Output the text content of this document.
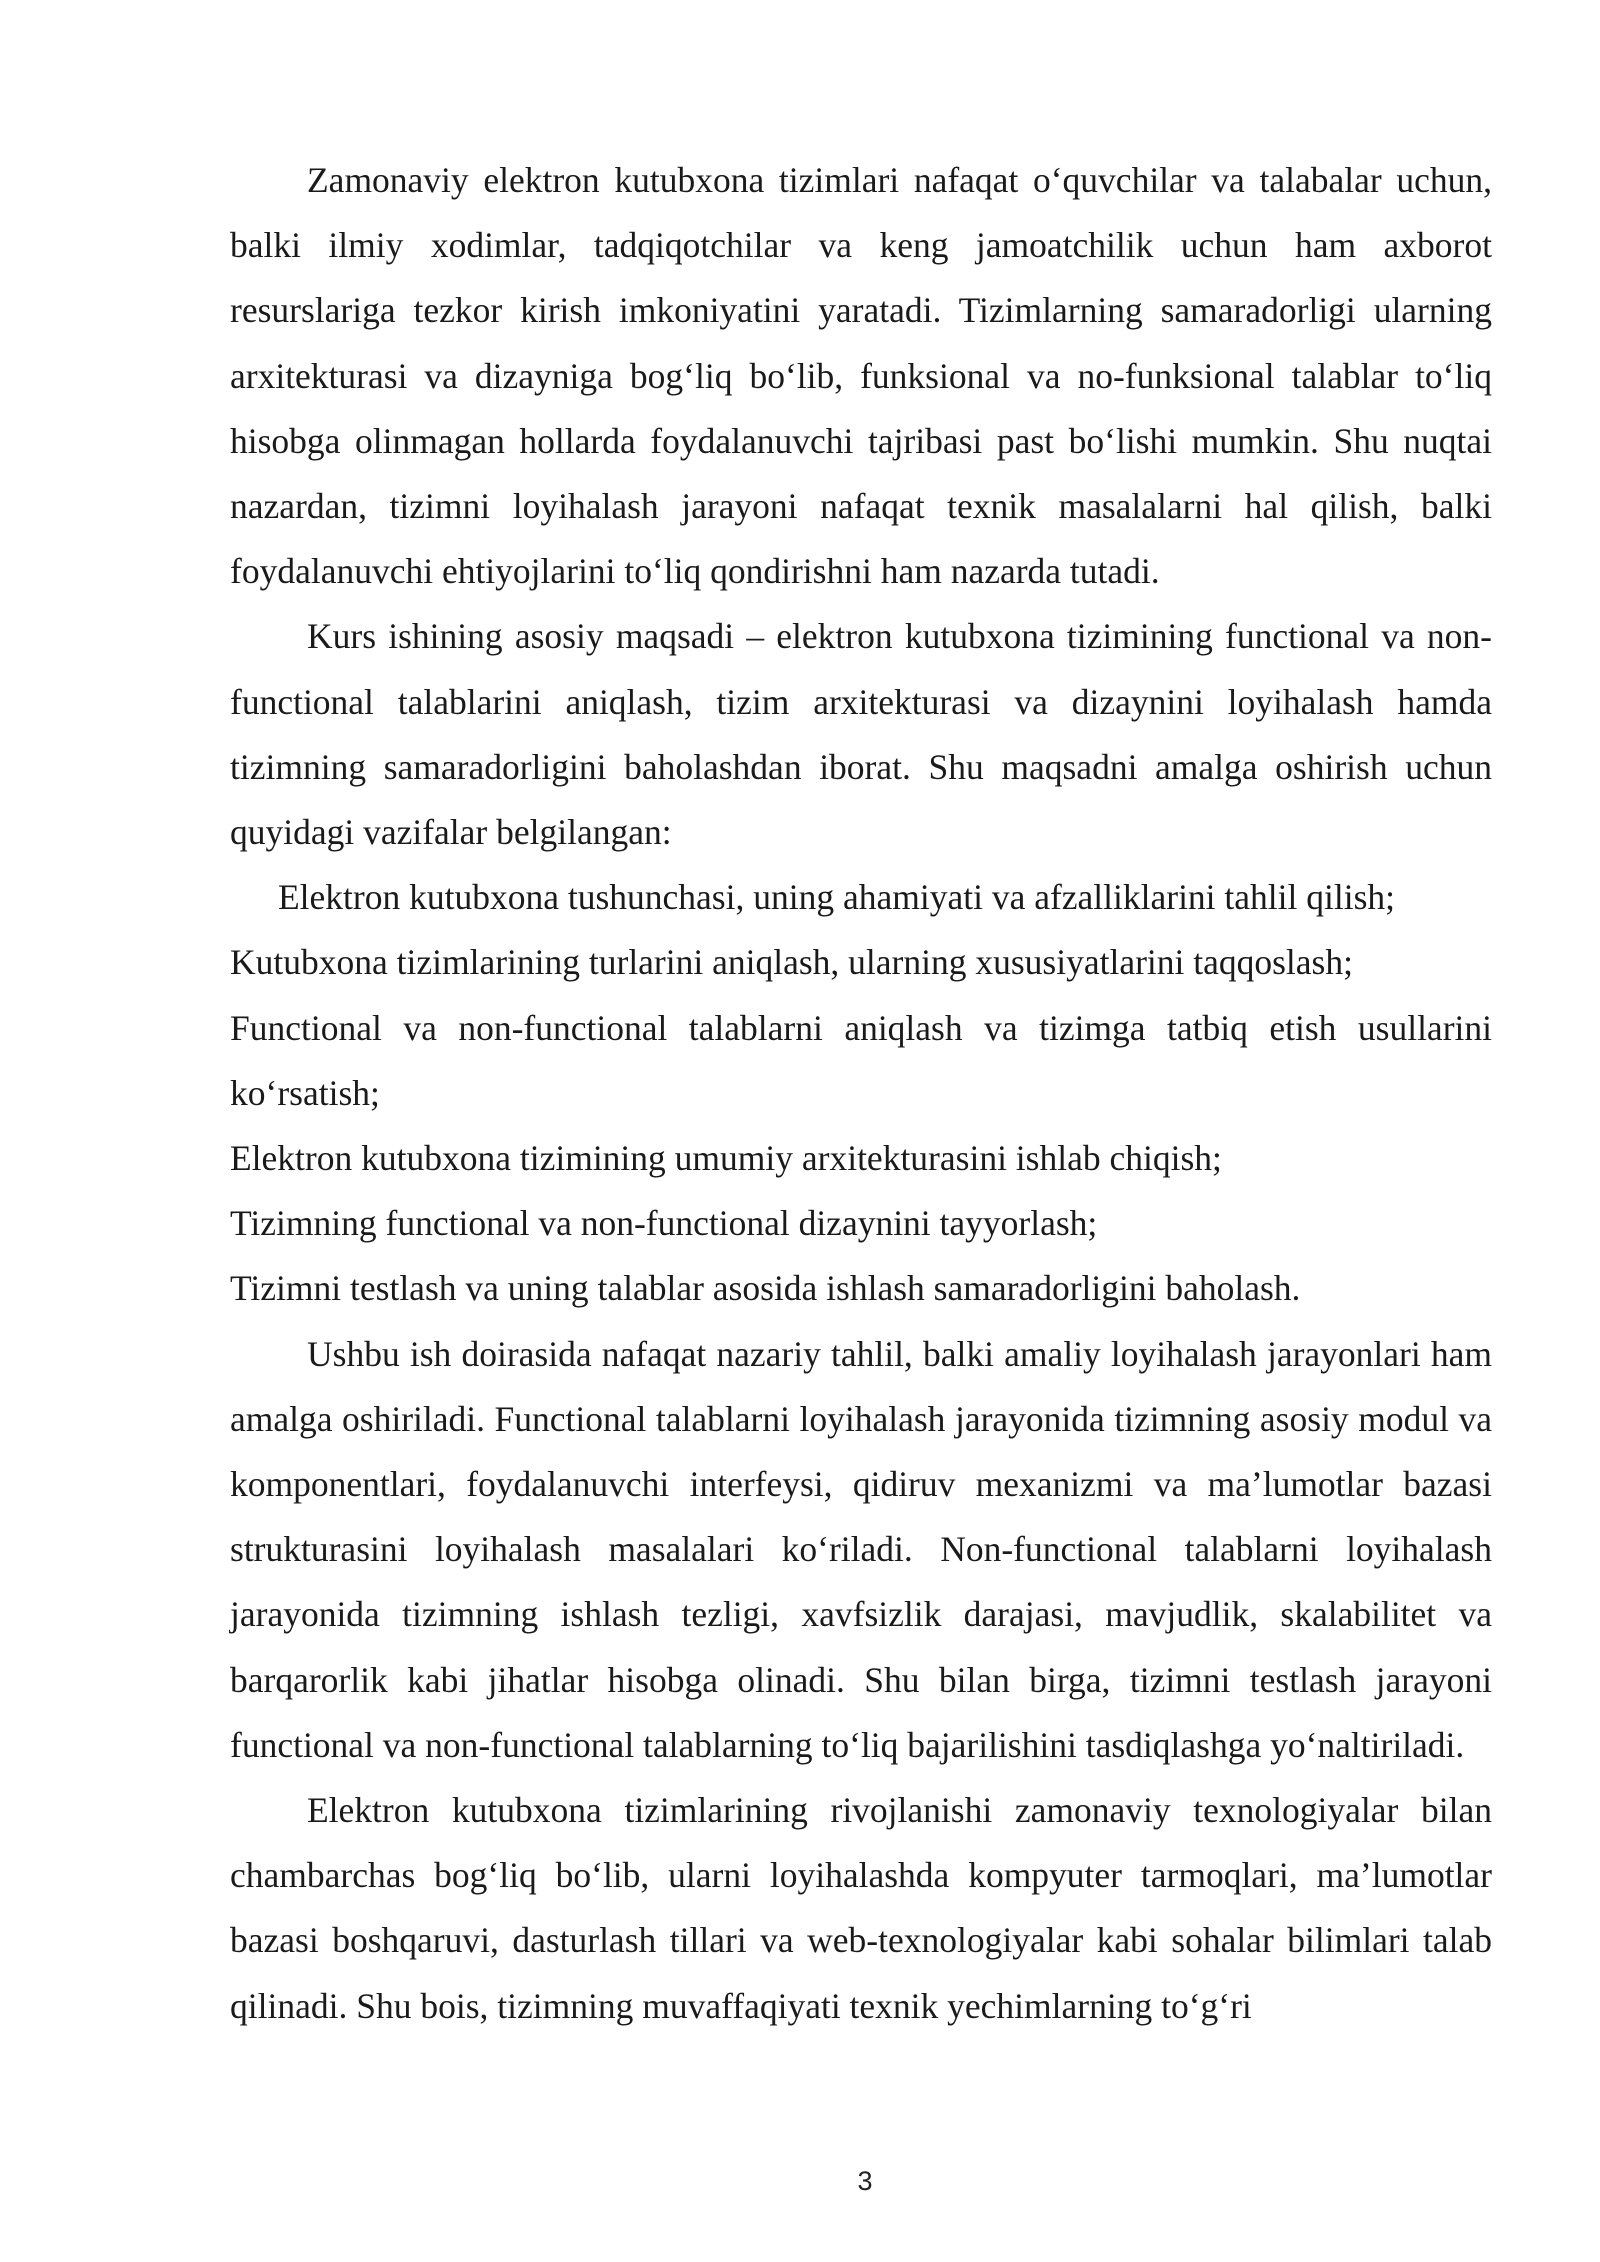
Zamonaviy elektron kutubxona tizimlari nafaqat o‘quvchilar va talabalar uchun, balki ilmiy xodimlar, tadqiqotchilar va keng jamoatchilik uchun ham axborot resurslariga tezkor kirish imkoniyatini yaratadi. Tizimlarning samaradorligi ularning arxitekturasi va dizayniga bog‘liq bo‘lib, funksional va no-funksional talablar to‘liq hisobga olinmagan hollarda foydalanuvchi tajribasi past bo‘lishi mumkin. Shu nuqtai nazardan, tizimni loyihalash jarayoni nafaqat texnik masalalarni hal qilish, balki foydalanuvchi ehtiyojlarini to‘liq qondirishni ham nazarda tutadi.

Kurs ishining asosiy maqsadi – elektron kutubxona tizimining functional va non-functional talablarini aniqlash, tizim arxitekturasi va dizaynini loyihalash hamda tizimning samaradorligini baholashdan iborat. Shu maqsadni amalga oshirish uchun quyidagi vazifalar belgilangan:

Elektron kutubxona tushunchasi, uning ahamiyati va afzalliklarini tahlil qilish;

Kutubxona tizimlarining turlarini aniqlash, ularning xususiyatlarini taqqoslash;

Functional va non-functional talablarni aniqlash va tizimga tatbiq etish usullarini ko‘rsatish;

Elektron kutubxona tizimining umumiy arxitekturasini ishlab chiqish;

Tizimning functional va non-functional dizaynini tayyorlash;

Tizimni testlash va uning talablar asosida ishlash samaradorligini baholash.

Ushbu ish doirasida nafaqat nazariy tahlil, balki amaliy loyihalash jarayonlari ham amalga oshiriladi. Functional talablarni loyihalash jarayonida tizimning asosiy modul va komponentlari, foydalanuvchi interfeysi, qidiruv mexanizmi va ma’lumotlar bazasi strukturasini loyihalash masalalari ko‘riladi. Non-functional talablarni loyihalash jarayonida tizimning ishlash tezligi, xavfsizlik darajasi, mavjudlik, skalabilitet va barqarorlik kabi jihatlar hisobga olinadi. Shu bilan birga, tizimni testlash jarayoni functional va non-functional talablarning to‘liq bajarilishini tasdiqlashga yo‘naltiriladi.

Elektron kutubxona tizimlarining rivojlanishi zamonaviy texnologiyalar bilan chambarchas bog‘liq bo‘lib, ularni loyihalashda kompyuter tarmoqlari, ma’lumotlar bazasi boshqaruvi, dasturlash tillari va web-texnologiyalar kabi sohalar bilimlari talab qilinadi. Shu bois, tizimning muvaffaqiyati texnik yechimlarning to‘g‘ri

3
